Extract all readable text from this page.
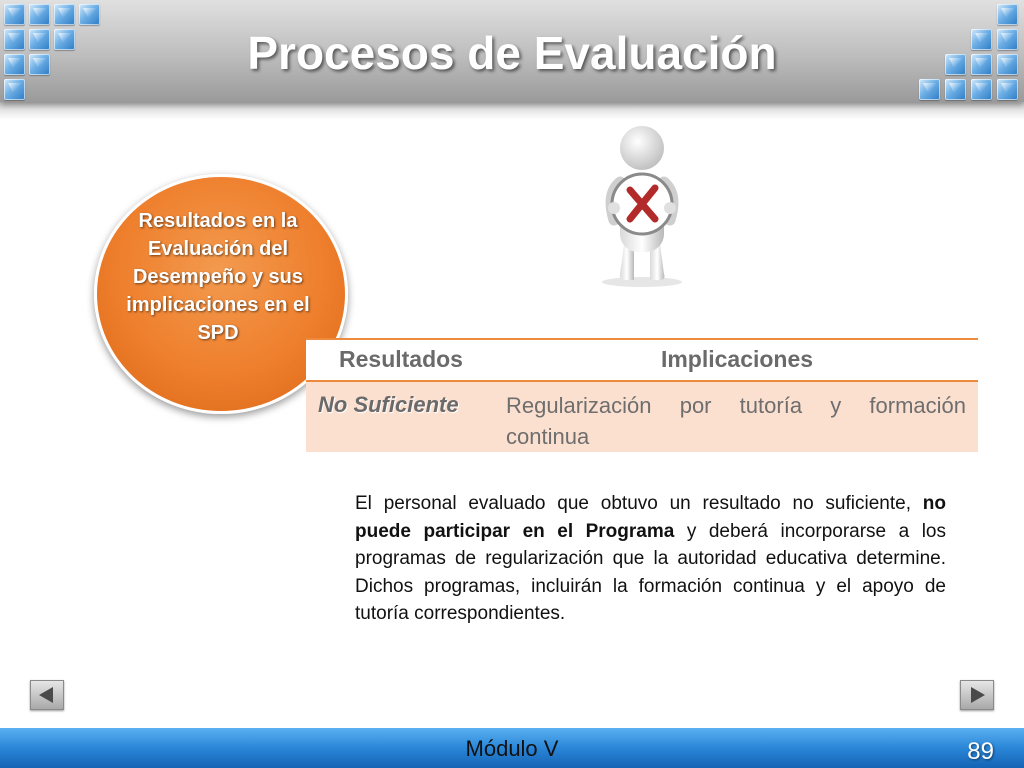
Procesos de Evaluación
Resultados en la Evaluación del Desempeño y sus implicaciones en el SPD
Resultados	Implicaciones
No Suficiente Regularización por tutoría y formación continua
El personal evaluado que obtuvo un resultado no suficiente, no puede participar en el Programa y deberá incorporarse a los programas de regularización que la autoridad educativa determine. Dichos programas, incluirán la formación continua y el apoyo de tutoría correspondientes.
Módulo V	89
